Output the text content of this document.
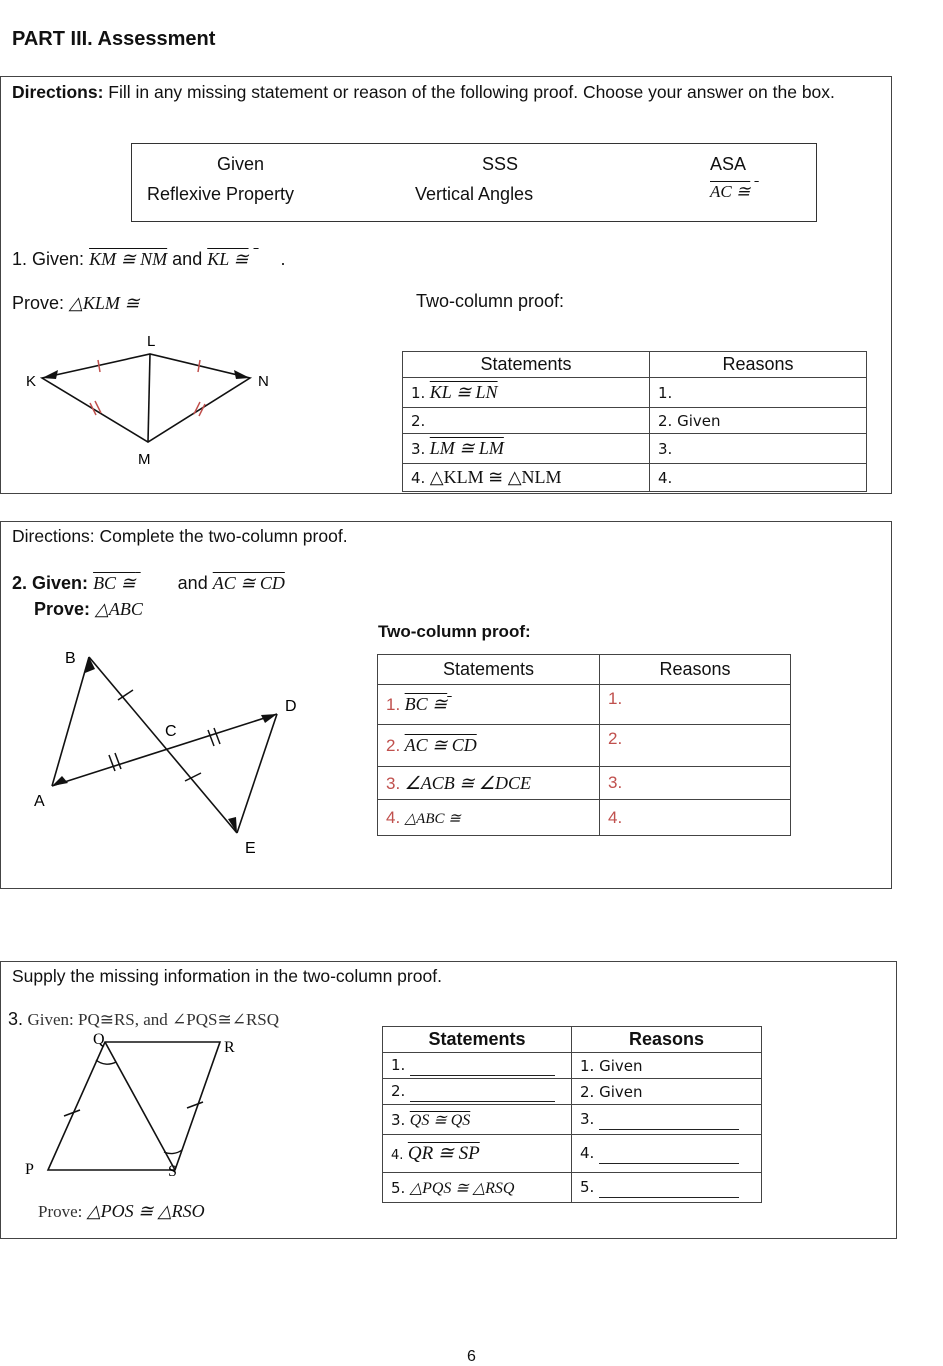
PART III. Assessment
Directions: Fill in any missing statement or reason of the following proof. Choose your answer on the box.
Given	SSS	ASA
Reflexive Property	Vertical Angles	AC ≅
1. Given: KM ≅ NM and KL ≅   .
Prove: △KLM ≅	Two-column proof:
L
K	N
M
Statements	Reasons
1. KL ≅ LN	1.
2.	2. Given
3. LM ≅ LM	3.
4. △KLM ≅ △NLM	4.
Directions: Complete the two-column proof.
2. Given: BC ≅ and AC ≅ CD
Prove: △ABC
Two-column proof:
B
D
C
A
E
Statements	Reasons
1. BC ≅	1.
2. AC ≅ CD	2.
3. ∠ACB ≅ ∠DCE	3.
4. △ABC ≅	4.
Supply the missing information in the two-column proof.
3. Given: PQ≅RS, and ∠PQS≅∠RSQ
Q	R
P	S
Prove: △POS ≅ △RSO
Statements	Reasons
1.	1. Given
2.	2. Given
3. QS ≅ QS	3.
4. QR ≅ SP	4.
5. △PQS ≅ △RSQ	5.
6
